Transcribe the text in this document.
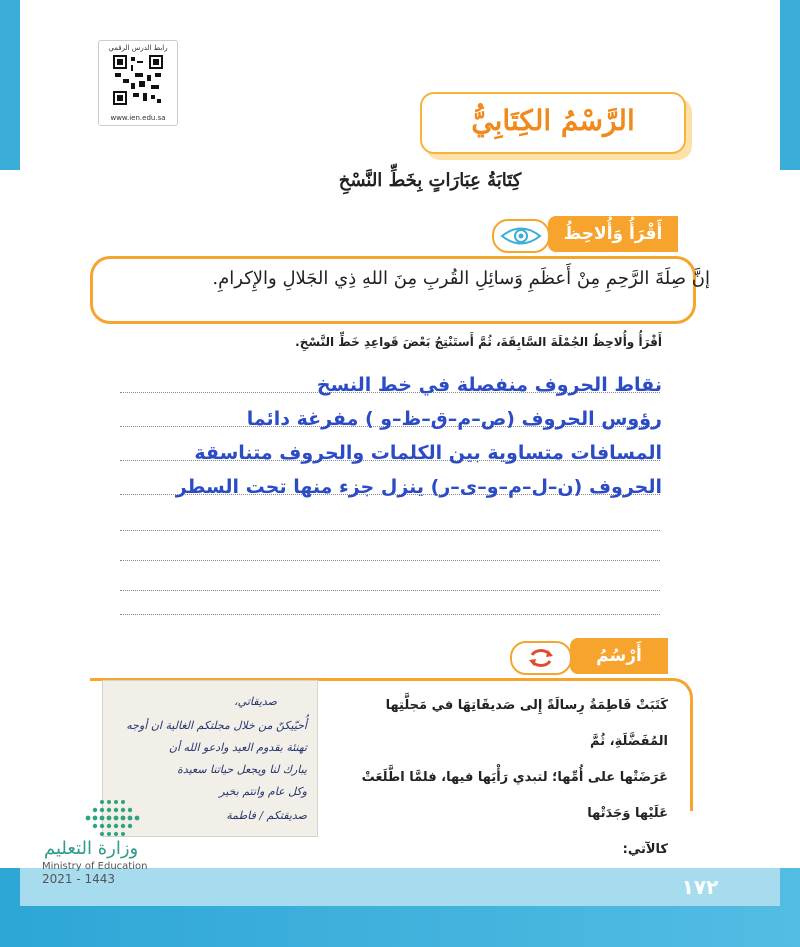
رابط الدرس الرقمي
www.ien.edu.sa	الرَّسْمُ الكِتَابِيُّ
كِتَابَةُ عِبَارَاتٍ بِخَطِّ النَّسْخِ
أَقْرَأُ وَأُلاحِظُ
إنَّ صِلَةَ الرَّحِمِ مِنْ أَعظَمِ وَسائِلِ القُربِ مِنَ اللهِ ذِي الجَلالِ والإِكرامِ.
أَقْرَأُ وأُلاحِظُ الجُمْلَةَ السَّابِقَةَ، ثُمَّ أَستَنْتِجُ بَعْضَ قَواعِدِ خَطِّ النَّسْخِ.
نقاط الحروف منفصلة في خط النسخ
رؤوس الحروف (ص–م–ق–ظ–و ) مفرغة دائما
المسافات متساوية بين الكلمات والحروف متناسقة
الحروف (ن–ل–م–و–ى–ر) ينزل جزء منها تحت السطر
أَرْسُمُ
كَتَبَتْ فَاطِمَةُ رِسالَةً إِلى صَديقَاتِهَا في مَجلَّتِها المُفَضَّلَةِ، ثُمَّ
عَرَضَتْها على أُمِّها؛ لتبدي رَأْيَها فيها، فلمَّا اطَّلَعَتْ عَلَيْها وَجَدَتْها
كالآتي:
صديقاتي،
أُحيّيكنّ من خلال مجلتكم الغالية ان أوجه
تهنئة بقدوم العيد وادعو الله أن
يبارك لنا ويجعل حياتنا سعيدة
وكل عام وانتم بخير
صديقتكم / فاطمة
وزارة التعليم
Ministry of Education
2021 - 1443	١٧٢
